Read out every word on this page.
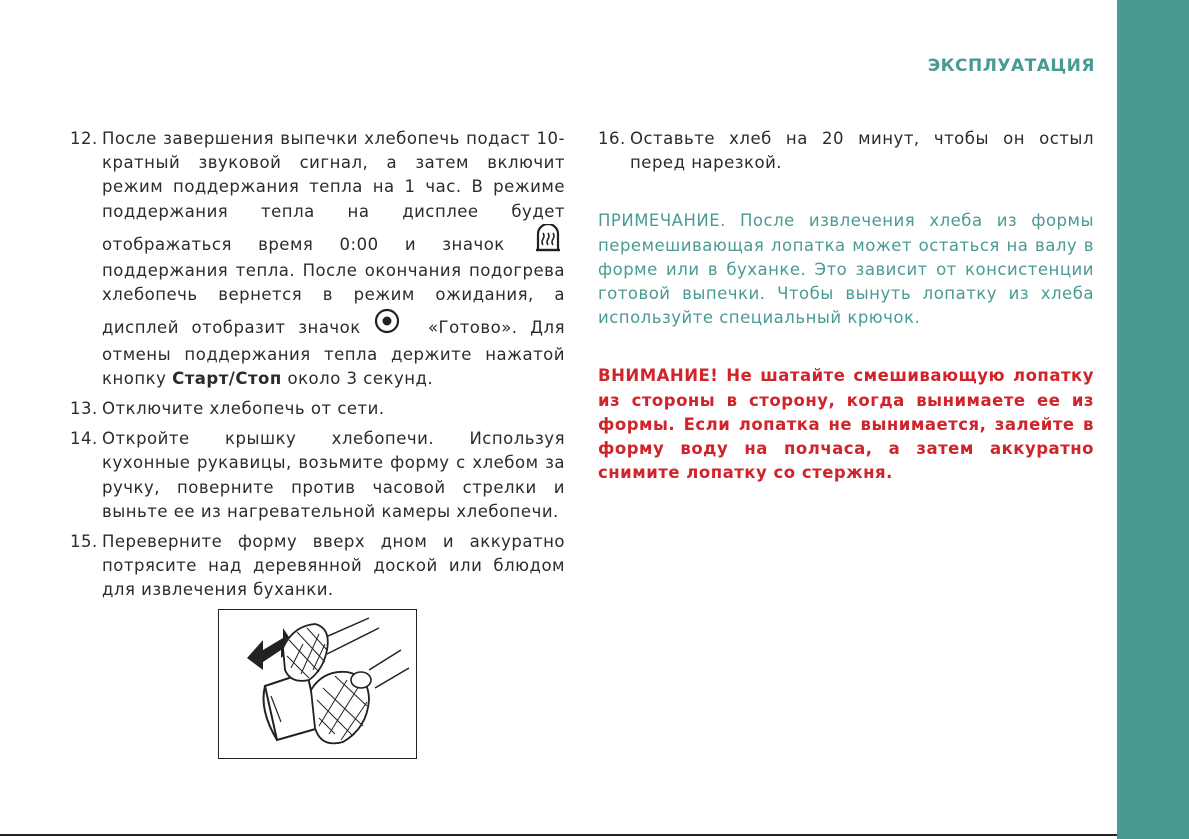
ЭКСПЛУАТАЦИЯ
12. После завершения выпечки хлебопечь подаст 10-кратный звуковой сигнал, а затем включит режим поддержания тепла на 1 час. В режиме поддержания тепла на дисплее будет отображаться время 0:00 и значок  поддержания тепла. После окончания подогрева хлебопечь вернется в режим ожидания, а дисплей отобразит значок	«Готово». Для отмены поддержания тепла держите нажатой кнопку Старт/Стоп около 3 секунд.
13. Отключите хлебопечь от сети.
14. Откройте крышку хлебопечи. Используя кухонные рукавицы, возьмите форму с хлебом за ручку, поверните против часовой стрелки и выньте ее из нагревательной камеры хлебопечи.
15. Переверните форму вверх дном и аккуратно потрясите над деревянной доской или блюдом для извлечения буханки.
16. Оставьте хлеб на 20 минут, чтобы он остыл перед нарезкой.
ПРИМЕЧАНИЕ. После извлечения хлеба из формы перемешивающая лопатка может остаться на валу в форме или в буханке. Это зависит от консистенции готовой выпечки. Чтобы вынуть лопатку из хлеба используйте специальный крючок.
ВНИМАНИЕ! Не шатайте смешивающую лопатку из стороны в сторону, когда вынимаете ее из формы. Если лопатка не вынимается, залейте в форму воду на полчаса, а затем аккуратно снимите лопатку со стержня.
